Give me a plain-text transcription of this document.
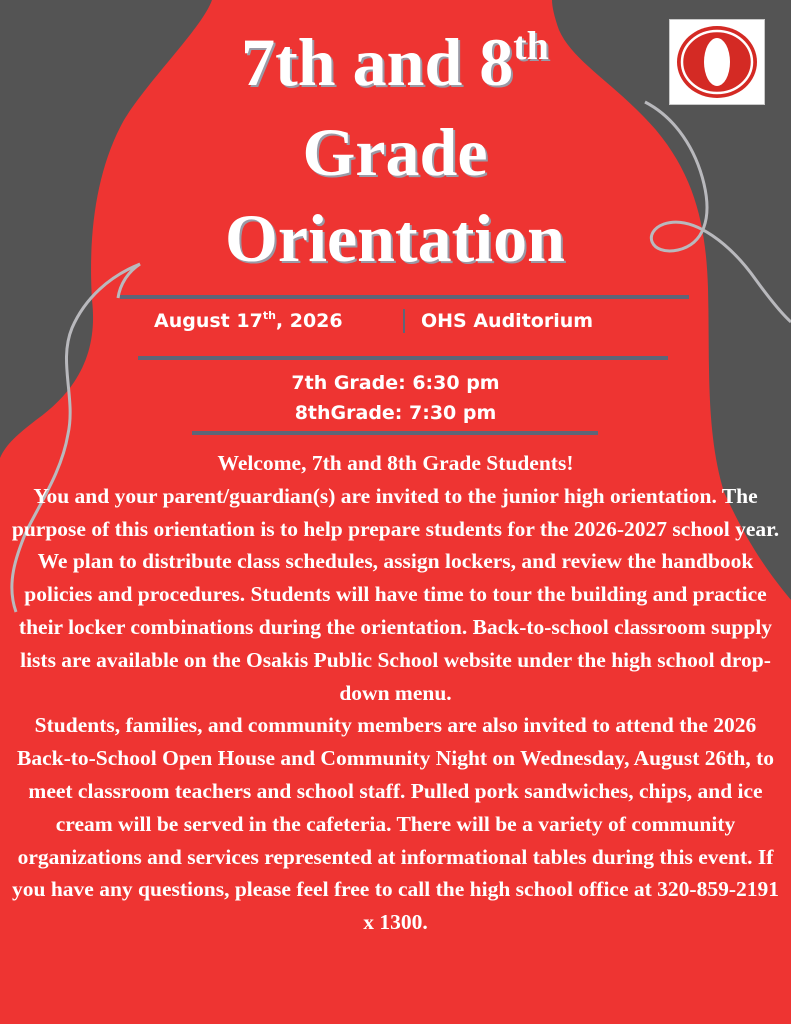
7th and 8th
Grade
Orientation
August 17th, 2026	OHS Auditorium
7th Grade: 6:30 pm
8thGrade: 7:30 pm

Welcome, 7th and 8th Grade Students!

You and your parent/guardian(s) are invited to the junior high orientation. The purpose of this orientation is to help prepare students for the 2026-2027 school year. We plan to distribute class schedules, assign lockers, and review the handbook policies and procedures. Students will have time to tour the building and practice their locker combinations during the orientation. Back-to-school classroom supply lists are available on the Osakis Public School website under the high school drop-down menu.

Students, families, and community members are also invited to attend the 2026 Back-to-School Open House and Community Night on Wednesday, August 26th, to meet classroom teachers and school staff. Pulled pork sandwiches, chips, and ice cream will be served in the cafeteria. There will be a variety of community organizations and services represented at informational tables during this event. If you have any questions, please feel free to call the high school office at 320-859-2191 x 1300.
